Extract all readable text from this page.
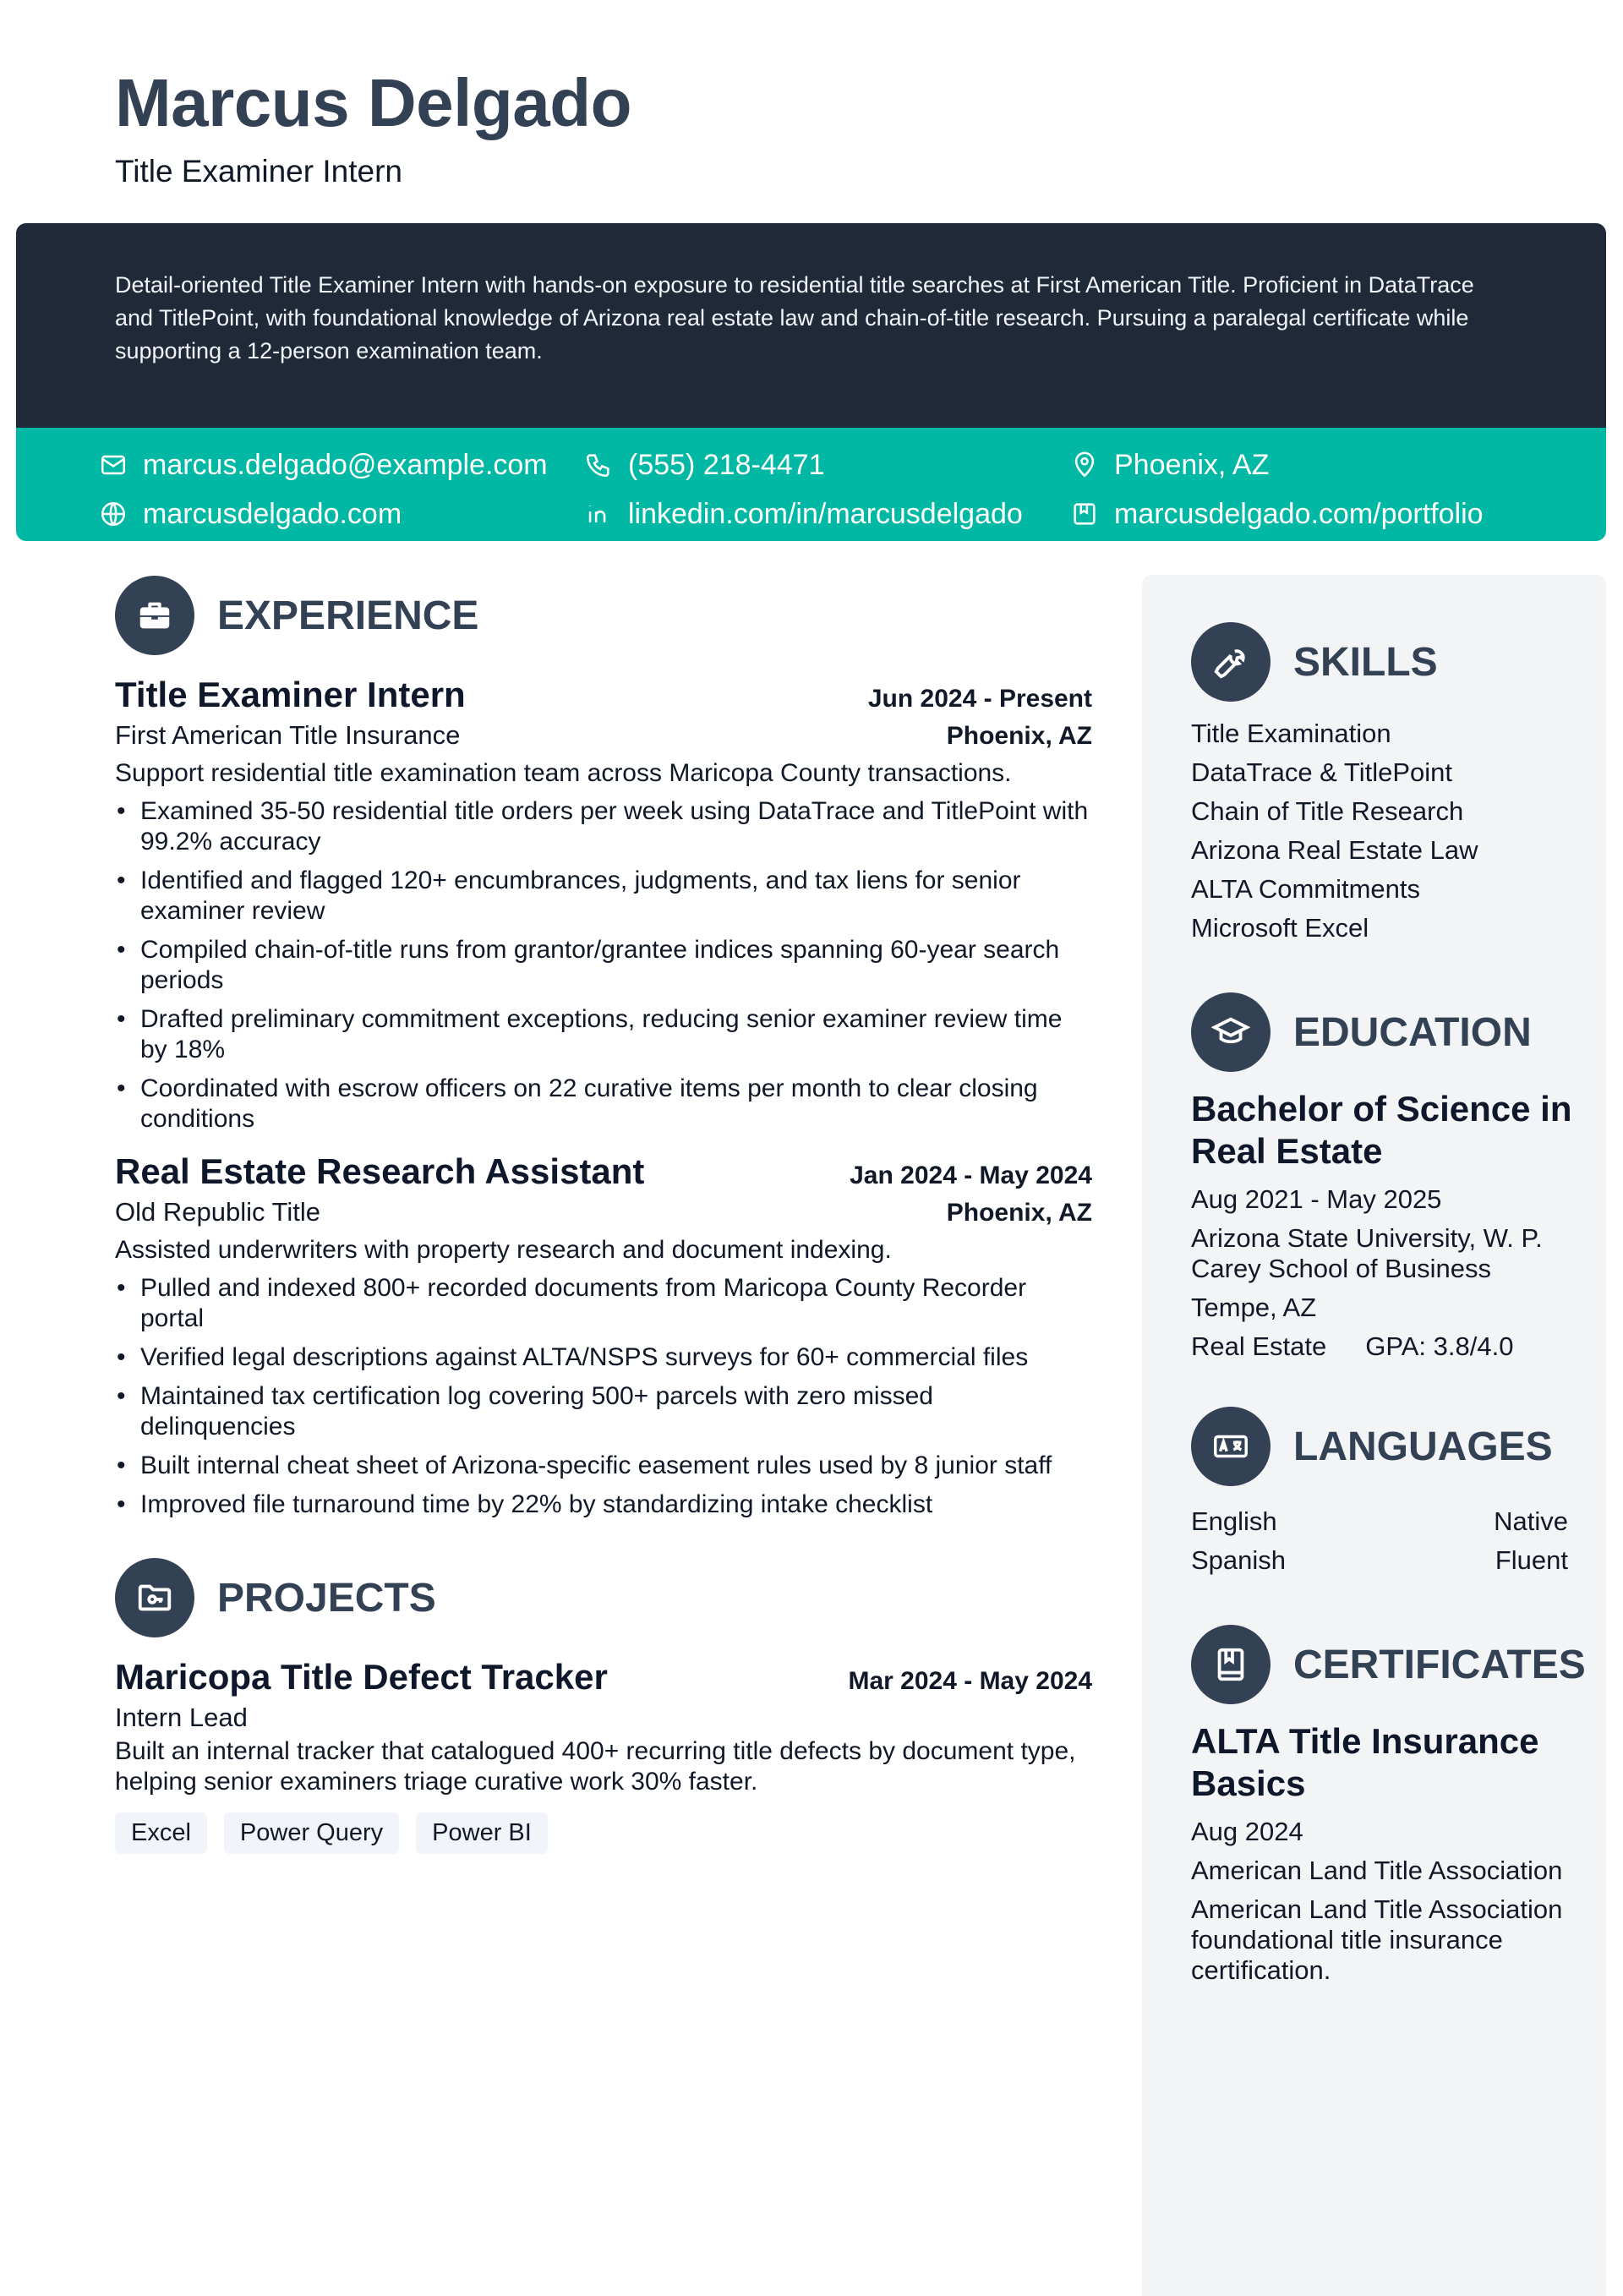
Marcus Delgado
Title Examiner Intern

Detail-oriented Title Examiner Intern with hands-on exposure to residential title searches at First American Title. Proficient in DataTrace and TitlePoint, with foundational knowledge of Arizona real estate law and chain-of-title research. Pursuing a paralegal certificate while supporting a 12-person examination team.

marcus.delgado@example.com	(555) 218-4471	Phoenix, AZ
marcusdelgado.com	linkedin.com/in/marcusdelgado	marcusdelgado.com/portfolio
EXPERIENCE
Title Examiner Intern	Jun 2024 - Present
First American Title Insurance	Phoenix, AZ
Support residential title examination team across Maricopa County transactions.
• Examined 35-50 residential title orders per week using DataTrace and TitlePoint with 99.2% accuracy
• Identified and flagged 120+ encumbrances, judgments, and tax liens for senior examiner review
• Compiled chain-of-title runs from grantor/grantee indices spanning 60-year search periods
• Drafted preliminary commitment exceptions, reducing senior examiner review time by 18%
• Coordinated with escrow officers on 22 curative items per month to clear closing conditions
Real Estate Research Assistant	Jan 2024 - May 2024
Old Republic Title	Phoenix, AZ
Assisted underwriters with property research and document indexing.
• Pulled and indexed 800+ recorded documents from Maricopa County Recorder portal
• Verified legal descriptions against ALTA/NSPS surveys for 60+ commercial files
• Maintained tax certification log covering 500+ parcels with zero missed delinquencies
• Built internal cheat sheet of Arizona-specific easement rules used by 8 junior staff
• Improved file turnaround time by 22% by standardizing intake checklist
PROJECTS
Maricopa Title Defect Tracker	Mar 2024 - May 2024
Intern Lead
Built an internal tracker that catalogued 400+ recurring title defects by document type, helping senior examiners triage curative work 30% faster.
Excel	Power Query	Power BI
SKILLS
Title Examination
DataTrace & TitlePoint
Chain of Title Research
Arizona Real Estate Law
ALTA Commitments
Microsoft Excel
EDUCATION
Bachelor of Science in Real Estate
Aug 2021 - May 2025
Arizona State University, W. P. Carey School of Business
Tempe, AZ
Real Estate GPA: 3.8/4.0
LANGUAGES
English	Native
Spanish	Fluent
CERTIFICATES
ALTA Title Insurance Basics
Aug 2024
American Land Title Association
American Land Title Association foundational title insurance certification.
